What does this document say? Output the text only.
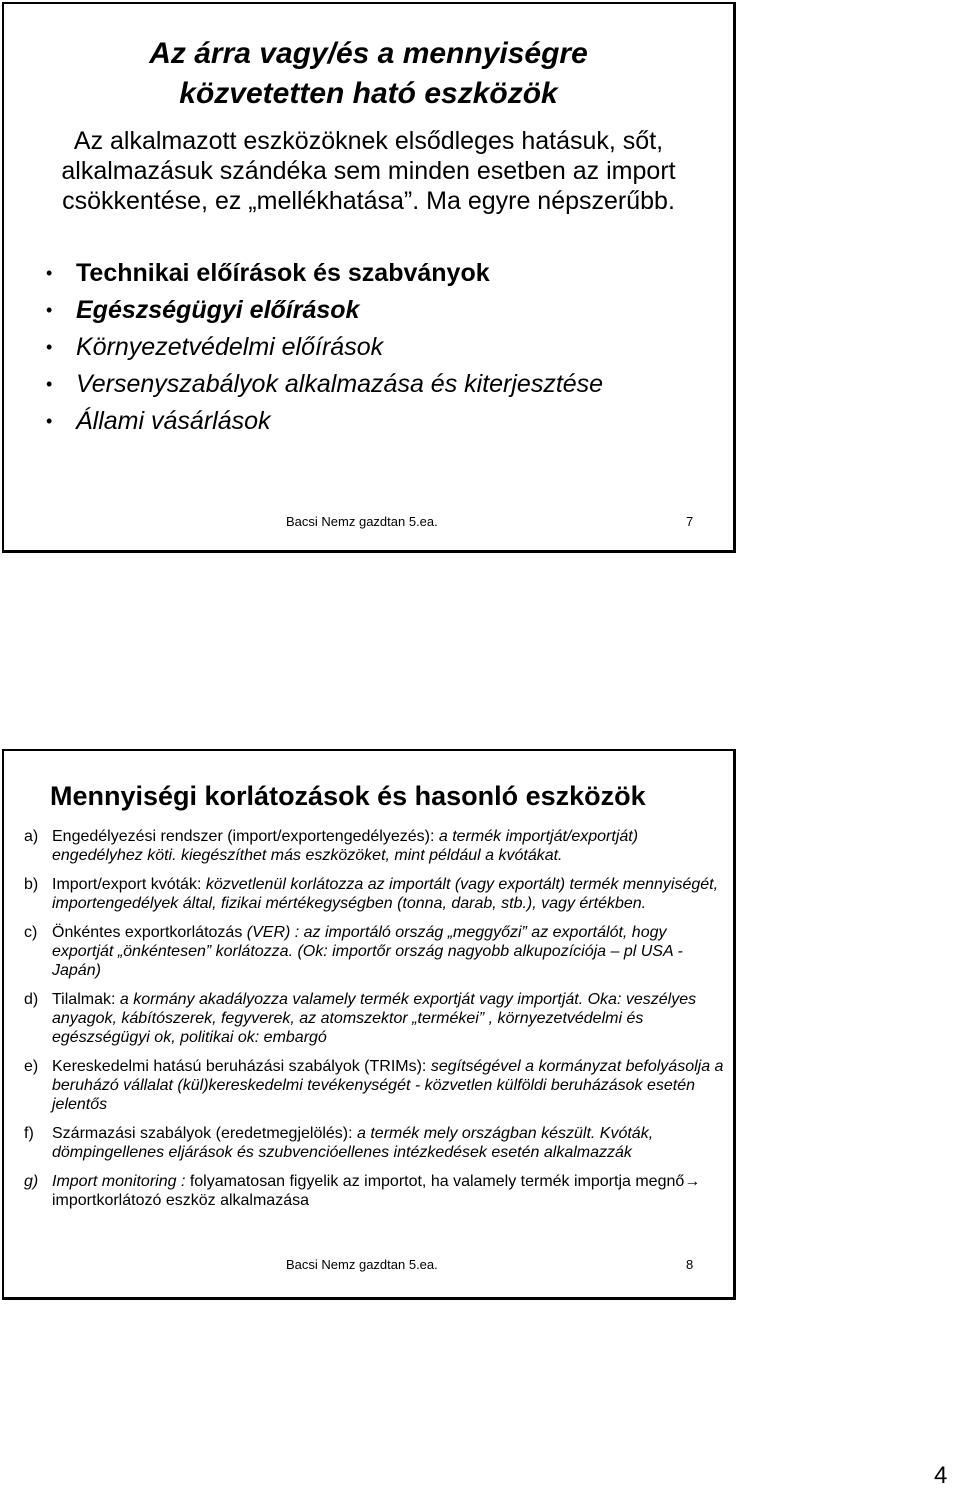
Az árra vagy/és a mennyiségre
közvetetten ható eszközök
Az alkalmazott eszközöknek elsődleges hatásuk, sőt, alkalmazásuk szándéka sem minden esetben az import csökkentése, ez „mellékhatása”. Ma egyre népszerűbb.
• Technikai előírások és szabványok
• Egészségügyi előírások
• Környezetvédelmi előírások
• Versenyszabályok alkalmazása és kiterjesztése
• Állami vásárlások
Bacsi Nemz gazdtan 5.ea.	7
Mennyiségi korlátozások és hasonló eszközök
a) Engedélyezési rendszer (import/exportengedélyezés): a termék importját/exportját) engedélyhez köti. kiegészíthet más eszközöket, mint például a kvótákat.
b) Import/export kvóták: közvetlenül korlátozza az importált (vagy exportált) termék mennyiségét, importengedélyek által, fizikai mértékegységben (tonna, darab, stb.), vagy értékben.
c) Önkéntes exportkorlátozás (VER) : az importáló ország „meggyőzi” az exportálót, hogy exportját „önkéntesen” korlátozza. (Ok: importőr ország nagyobb alkupozíciója – pl USA - Japán)
d) Tilalmak: a kormány akadályozza valamely termék exportját vagy importját. Oka: veszélyes anyagok, kábítószerek, fegyverek, az atomszektor „termékei” , környezetvédelmi és egészségügyi ok, politikai ok: embargó
e) Kereskedelmi hatású beruházási szabályok (TRIMs): segítségével a kormányzat befolyásolja a beruházó vállalat (kül)kereskedelmi tevékenységét - közvetlen külföldi beruházások esetén jelentős
f) Származási szabályok (eredetmegjelölés): a termék mely országban készült. Kvóták, dömpingellenes eljárások és szubvencióellenes intézkedések esetén alkalmazzák
g) Import monitoring : folyamatosan figyelik az importot, ha valamely termék importja megnő→ importkorlátozó eszköz alkalmazása
Bacsi Nemz gazdtan 5.ea.	8
4
